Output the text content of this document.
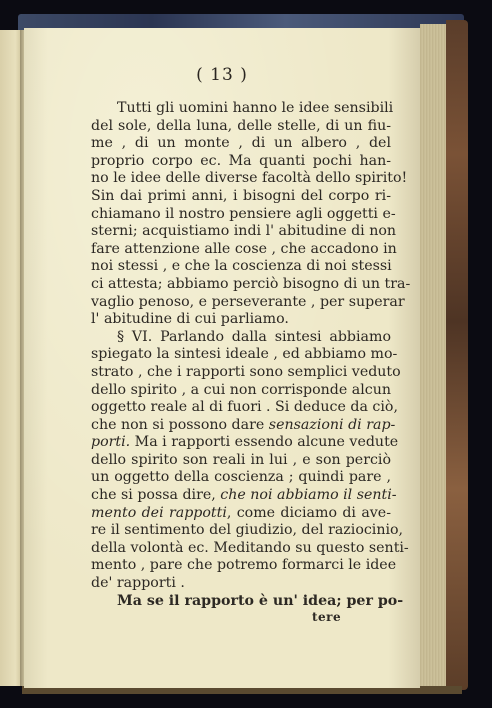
( 13 )
Tutti gli uomini hanno le idee sensibili
del sole, della luna, delle stelle, di un fiu-
me , di un monte , di un albero , del
proprio corpo ec. Ma quanti pochi han-
no le idee delle diverse facoltà dello spirito!
Sin dai primi anni, i bisogni del corpo ri-
chiamano il nostro pensiere agli oggetti e-
sterni; acquistiamo indi l' abitudine di non
fare attenzione alle cose , che accadono in
noi stessi , e che la coscienza di noi stessi
ci attesta; abbiamo perciò bisogno di un tra-
vaglio penoso, e perseverante , per superar
l' abitudine di cui parliamo.
§ VI. Parlando dalla sintesi abbiamo
spiegato la sintesi ideale , ed abbiamo mo-
strato , che i rapporti sono semplici veduto
dello spirito , a cui non corrisponde alcun
oggetto reale al di fuori . Si deduce da ciò,
che non si possono dare sensazioni di rap-
porti. Ma i rapporti essendo alcune vedute
dello spirito son reali in lui , e son perciò
un oggetto della coscienza ; quindi pare ,
che si possa dire, che noi abbiamo il senti-
mento dei rappotti, come diciamo di ave-
re il sentimento del giudizio, del raziocinio,
della volontà ec. Meditando su questo senti-
mento , pare che potremo formarci le idee
de' rapporti .
Ma se il rapporto è un' idea; per po-
tere
